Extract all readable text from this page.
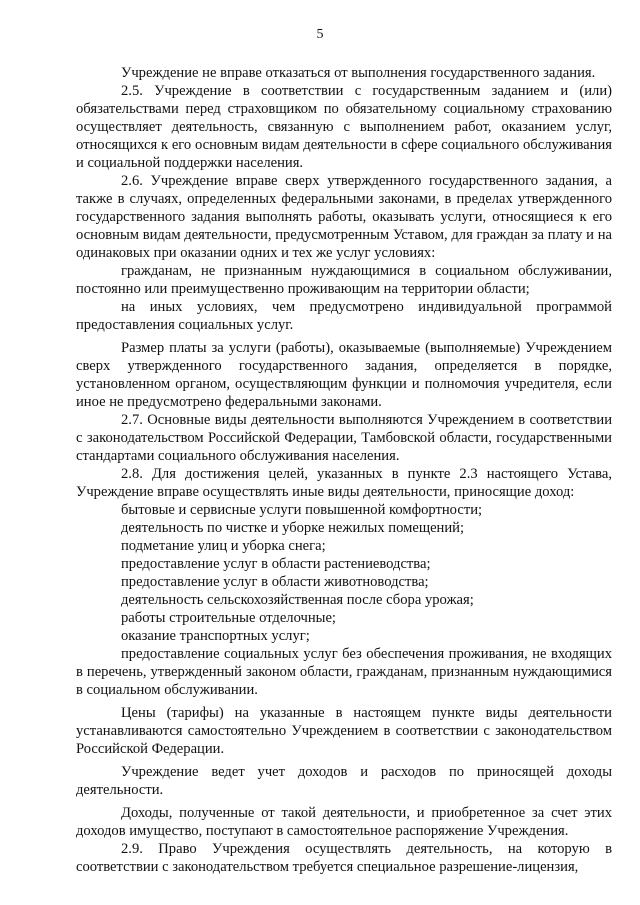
5

Учреждение не вправе отказаться от выполнения государственного задания.

2.5. Учреждение в соответствии с государственным заданием и (или) обязательствами перед страховщиком по обязательному социальному страхованию осуществляет деятельность, связанную с выполнением работ, оказанием услуг, относящихся к его основным видам деятельности в сфере социального обслуживания и социальной поддержки населения.

2.6. Учреждение вправе сверх утвержденного государственного задания, а также в случаях, определенных федеральными законами, в пределах утвержденного государственного задания выполнять работы, оказывать услуги, относящиеся к его основным видам деятельности, предусмотренным Уставом, для граждан за плату и на одинаковых при оказании одних и тех же услуг условиях:

гражданам, не признанным нуждающимися в социальном обслуживании, постоянно или преимущественно проживающим на территории области;

на иных условиях, чем предусмотрено индивидуальной программой предоставления социальных услуг.

Размер платы за услуги (работы), оказываемые (выполняемые) Учреждением сверх утвержденного государственного задания, определяется в порядке, установленном органом, осуществляющим функции и полномочия учредителя, если иное не предусмотрено федеральными законами.

2.7. Основные виды деятельности выполняются Учреждением в соответствии с законодательством Российской Федерации, Тамбовской области, государственными стандартами социального обслуживания населения.

2.8. Для достижения целей, указанных в пункте 2.3 настоящего Устава, Учреждение вправе осуществлять иные виды деятельности, приносящие доход:

бытовые и сервисные услуги повышенной комфортности;

деятельность по чистке и уборке нежилых помещений;

подметание улиц и уборка снега;

предоставление услуг в области растениеводства;

предоставление услуг в области животноводства;

деятельность сельскохозяйственная после сбора урожая;

работы строительные отделочные;

оказание транспортных услуг;

предоставление социальных услуг без обеспечения проживания, не входящих в перечень, утвержденный законом области, гражданам, признанным нуждающимися в социальном обслуживании.

Цены (тарифы) на указанные в настоящем пункте виды деятельности устанавливаются самостоятельно Учреждением в соответствии с законодательством Российской Федерации.

Учреждение ведет учет доходов и расходов по приносящей доходы деятельности.

Доходы, полученные от такой деятельности, и приобретенное за счет этих доходов имущество, поступают в самостоятельное распоряжение Учреждения.

2.9. Право Учреждения осуществлять деятельность, на которую в соответствии с законодательством требуется специальное разрешение-лицензия,
